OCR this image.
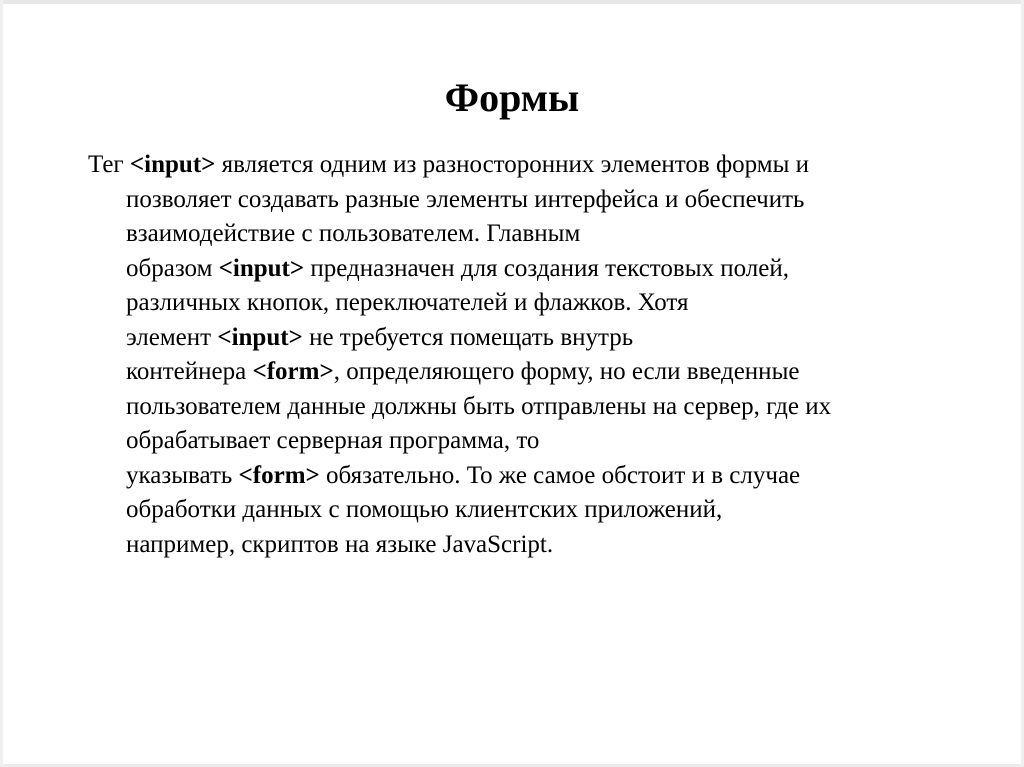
Формы
Тег <input> является одним из разносторонних элементов формы и
позволяет создавать разные элементы интерфейса и обеспечить
взаимодействие с пользователем. Главным
образом <input> предназначен для создания текстовых полей,
различных кнопок, переключателей и флажков. Хотя
элемент <input> не требуется помещать внутрь
контейнера <form>, определяющего форму, но если введенные
пользователем данные должны быть отправлены на сервер, где их
обрабатывает серверная программа, то
указывать <form> обязательно. То же самое обстоит и в случае
обработки данных с помощью клиентских приложений,
например, скриптов на языке JavaScript.
